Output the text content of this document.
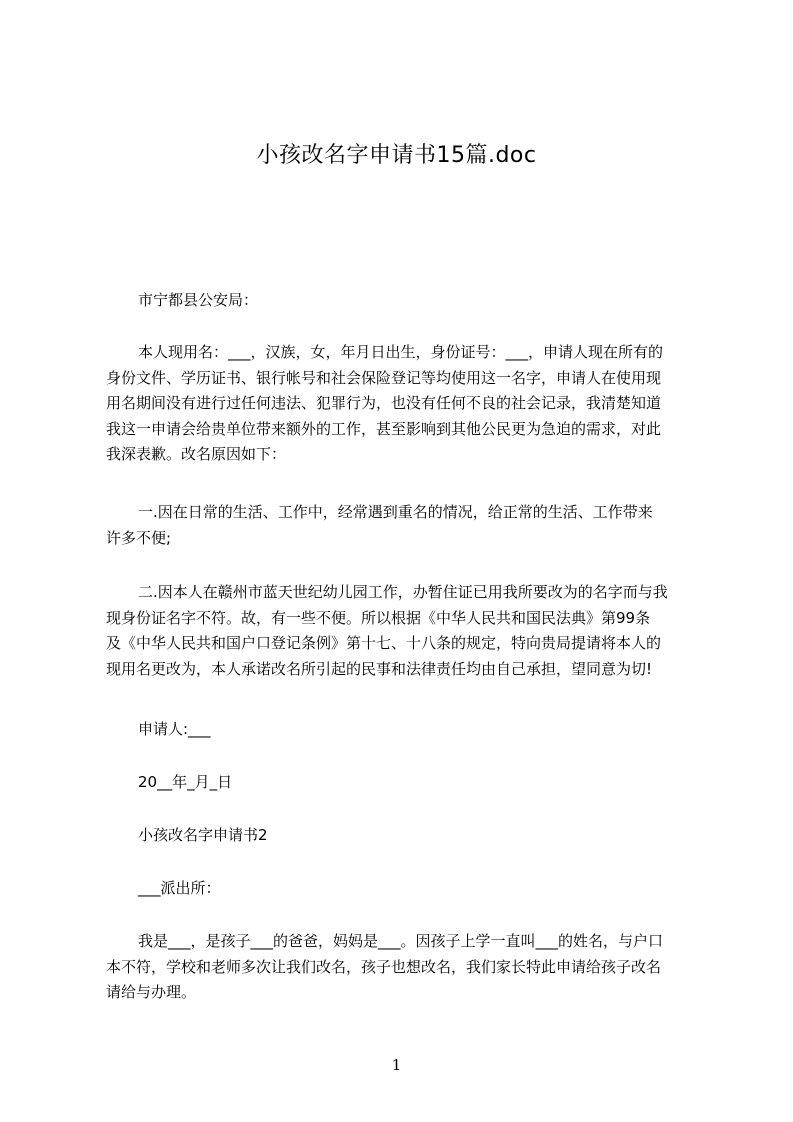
小孩改名字申请书15篇.doc
市宁都县公安局：
本人现用名：___，汉族，女，年月日出生，身份证号：___，申请人现在所有的
身份文件、学历证书、银行帐号和社会保险登记等均使用这一名字，申请人在使用现
用名期间没有进行过任何违法、犯罪行为，也没有任何不良的社会记录，我清楚知道
我这一申请会给贵单位带来额外的工作，甚至影响到其他公民更为急迫的需求，对此
我深表歉。改名原因如下：
一.因在日常的生活、工作中，经常遇到重名的情况，给正常的生活、工作带来
许多不便;
二.因本人在赣州市蓝天世纪幼儿园工作，办暂住证已用我所要改为的名字而与我
现身份证名字不符。故，有一些不便。所以根据《中华人民共和国民法典》第99条
及《中华人民共和国户口登记条例》第十七、十八条的规定，特向贵局提请将本人的
现用名更改为，本人承诺改名所引起的民事和法律责任均由自己承担，望同意为切!
申请人:___
20__年_月_日
小孩改名字申请书2
___派出所：
我是___，是孩子___的爸爸，妈妈是___。因孩子上学一直叫___的姓名，与户口
本不符，学校和老师多次让我们改名，孩子也想改名，我们家长特此申请给孩子改名
请给与办理。
1
